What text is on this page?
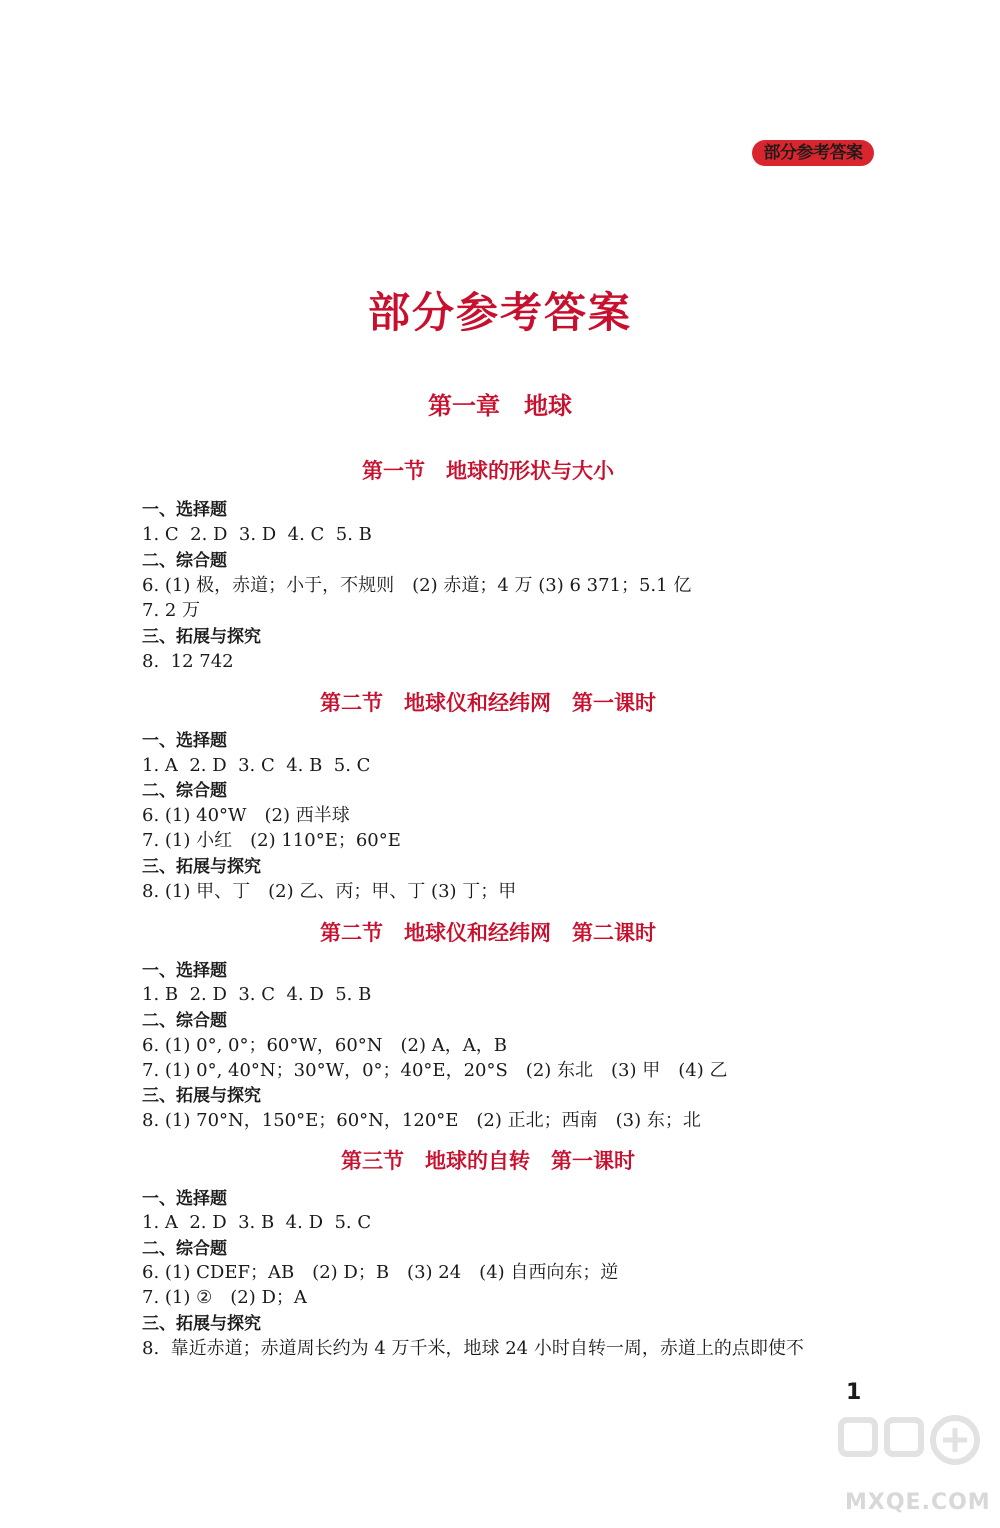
部分参考答案
部分参考答案
第一章　地球
第一节　地球的形状与大小
一、选择题
1. C  2. D  3. D  4. C  5. B
二、综合题
6. (1) 极，赤道；小于，不规则　(2) 赤道；4 万 (3) 6 371；5.1 亿
7. 2 万
三、拓展与探究
8.  12 742
第二节　地球仪和经纬网　第一课时
一、选择题
1. A  2. D  3. C  4. B  5. C
二、综合题
6. (1) 40°W　(2) 西半球
7. (1) 小红　(2) 110°E；60°E
三、拓展与探究
8. (1) 甲、丁　(2) 乙、丙；甲、丁 (3) 丁；甲
第二节　地球仪和经纬网　第二课时
一、选择题
1. B  2. D  3. C  4. D  5. B
二、综合题
6. (1) 0°, 0°；60°W，60°N　(2) A，A，B
7. (1) 0°, 40°N；30°W，0°；40°E，20°S　(2) 东北　(3) 甲　(4) 乙
三、拓展与探究
8. (1) 70°N，150°E；60°N，120°E　(2) 正北；西南　(3) 东；北
第三节　地球的自转　第一课时
一、选择题
1. A  2. D  3. B  4. D  5. C
二、综合题
6. (1) CDEF；AB　(2) D；B　(3) 24　(4) 自西向东；逆
7. (1) ②　(2) D；A
三、拓展与探究
8.  靠近赤道；赤道周长约为 4 万千米，地球 24 小时自转一周，赤道上的点即使不
1
MXQE.COM
